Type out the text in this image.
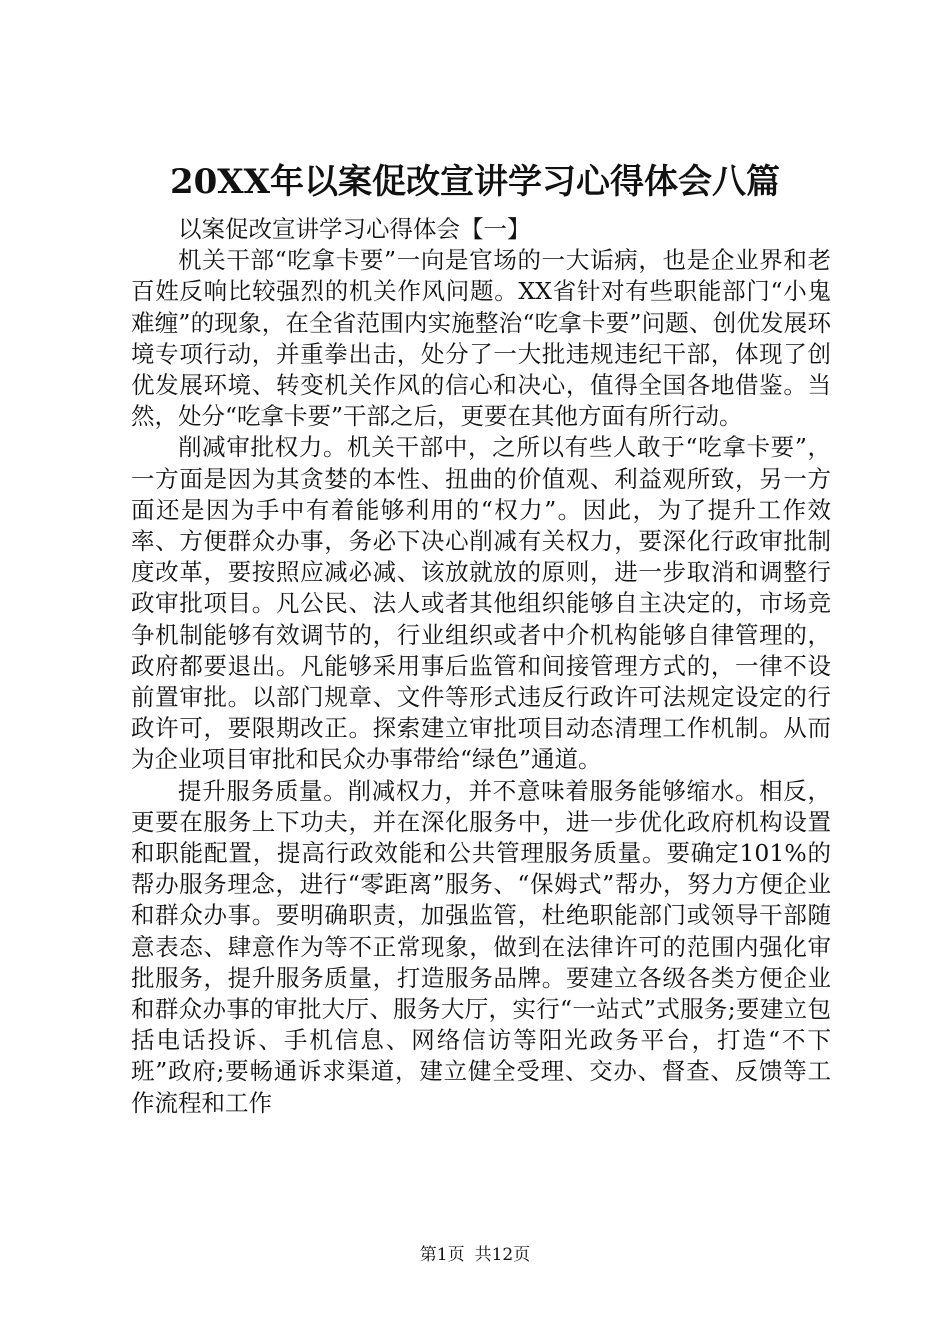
20XX年以案促改宣讲学习心得体会八篇

以案促改宣讲学习心得体会【一】

机关干部“吃拿卡要”一向是官场的一大诟病，也是企业界和老百姓反响比较强烈的机关作风问题。XX省针对有些职能部门“小鬼难缠”的现象，在全省范围内实施整治“吃拿卡要”问题、创优发展环境专项行动，并重拳出击，处分了一大批违规违纪干部，体现了创优发展环境、转变机关作风的信心和决心，值得全国各地借鉴。当然，处分“吃拿卡要”干部之后，更要在其他方面有所行动。

削减审批权力。机关干部中，之所以有些人敢于“吃拿卡要”，一方面是因为其贪婪的本性、扭曲的价值观、利益观所致，另一方面还是因为手中有着能够利用的“权力”。因此，为了提升工作效率、方便群众办事，务必下决心削减有关权力，要深化行政审批制度改革，要按照应减必减、该放就放的原则，进一步取消和调整行政审批项目。凡公民、法人或者其他组织能够自主决定的，市场竞争机制能够有效调节的，行业组织或者中介机构能够自律管理的，政府都要退出。凡能够采用事后监管和间接管理方式的，一律不设前置审批。以部门规章、文件等形式违反行政许可法规定设定的行政许可，要限期改正。探索建立审批项目动态清理工作机制。从而为企业项目审批和民众办事带给“绿色”通道。

提升服务质量。削减权力，并不意味着服务能够缩水。相反，更要在服务上下功夫，并在深化服务中，进一步优化政府机构设置和职能配置，提高行政效能和公共管理服务质量。要确定101%的帮办服务理念，进行“零距离”服务、“保姆式”帮办，努力方便企业和群众办事。要明确职责，加强监管，杜绝职能部门或领导干部随意表态、肆意作为等不正常现象，做到在法律许可的范围内强化审批服务，提升服务质量，打造服务品牌。要建立各级各类方便企业和群众办事的审批大厅、服务大厅，实行“一站式”式服务;要建立包括电话投诉、手机信息、网络信访等阳光政务平台，打造“不下班”政府;要畅通诉求渠道，建立健全受理、交办、督查、反馈等工作流程和工作

第1页 共12页
